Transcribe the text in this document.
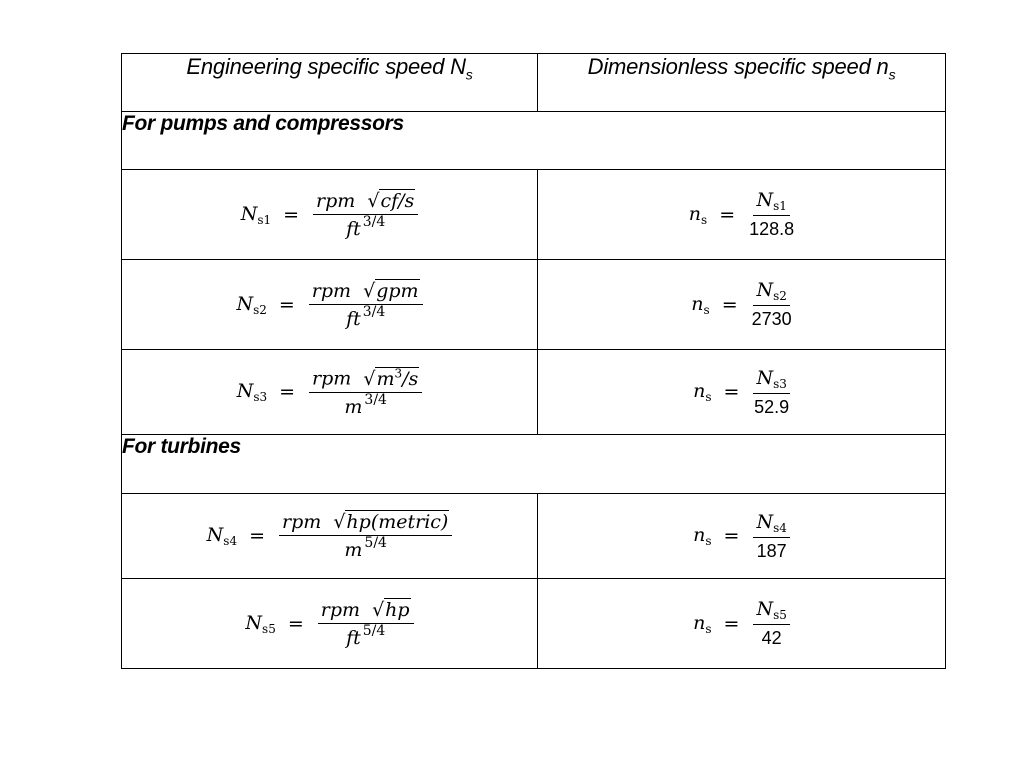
Engineering specific speed $N_s$	Dimensionless specific speed $n_s$
For pumps and compressors	

$N_{s1} = \frac{\text{rpm √cf/s}}{ft ^{3/4}}$	$n_s = \frac{N_{s1}}{128.8}$

$N_{s2} = \frac{\text{rpm √gpm}}{ft ^{3/4}}$	$n_s = \frac{N_{s2}}{2730}$

$N_{s3} = \frac{rpm √m^3/s}{m ^{3/4}}$	$n_s = \frac{N_{s3}}{52.9}$

For turbines	

$N_{s4} = \frac{\text{rpm √hp(metric)}}{m ^{5/4}}$	$n_s = \frac{N_{s4}}{187}$

$N_{s5} = \frac{\text{rpm √hp}}{ft ^{5/4}}$	$n_s = \frac{N_{s5}}{42}$
